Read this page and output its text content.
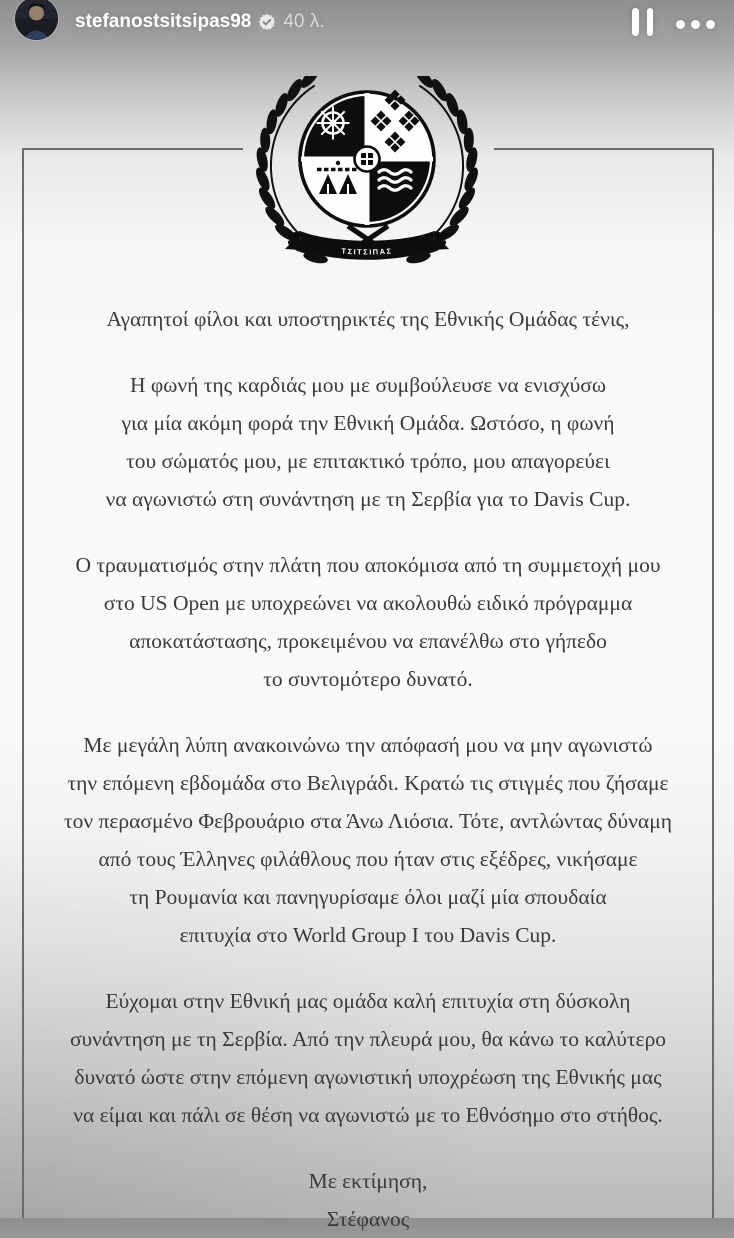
stefanostsitsipas98 40 λ.
ΤΣΙΤΣΙΠΑΣ
Αγαπητοί φίλοι και υποστηρικτές της Εθνικής Ομάδας τένις,
Η φωνή της καρδιάς μου με συμβούλευσε να ενισχύσω
για μία ακόμη φορά την Εθνική Ομάδα. Ωστόσο, η φωνή
του σώματός μου, με επιτακτικό τρόπο, μου απαγορεύει
να αγωνιστώ στη συνάντηση με τη Σερβία για το Davis Cup.
Ο τραυματισμός στην πλάτη που αποκόμισα από τη συμμετοχή μου
στο US Open με υποχρεώνει να ακολουθώ ειδικό πρόγραμμα
αποκατάστασης, προκειμένου να επανέλθω στο γήπεδο
το συντομότερο δυνατό.
Με μεγάλη λύπη ανακοινώνω την απόφασή μου να μην αγωνιστώ
την επόμενη εβδομάδα στο Βελιγράδι. Κρατώ τις στιγμές που ζήσαμε
τον περασμένο Φεβρουάριο στα Άνω Λιόσια. Τότε, αντλώντας δύναμη
από τους Έλληνες φιλάθλους που ήταν στις εξέδρες, νικήσαμε
τη Ρουμανία και πανηγυρίσαμε όλοι μαζί μία σπουδαία
επιτυχία στο World Group I του Davis Cup.
Εύχομαι στην Εθνική μας ομάδα καλή επιτυχία στη δύσκολη
συνάντηση με τη Σερβία. Από την πλευρά μου, θα κάνω το καλύτερο
δυνατό ώστε στην επόμενη αγωνιστική υποχρέωση της Εθνικής μας
να είμαι και πάλι σε θέση να αγωνιστώ με το Εθνόσημο στο στήθος.
Με εκτίμηση,
Στέφανος
